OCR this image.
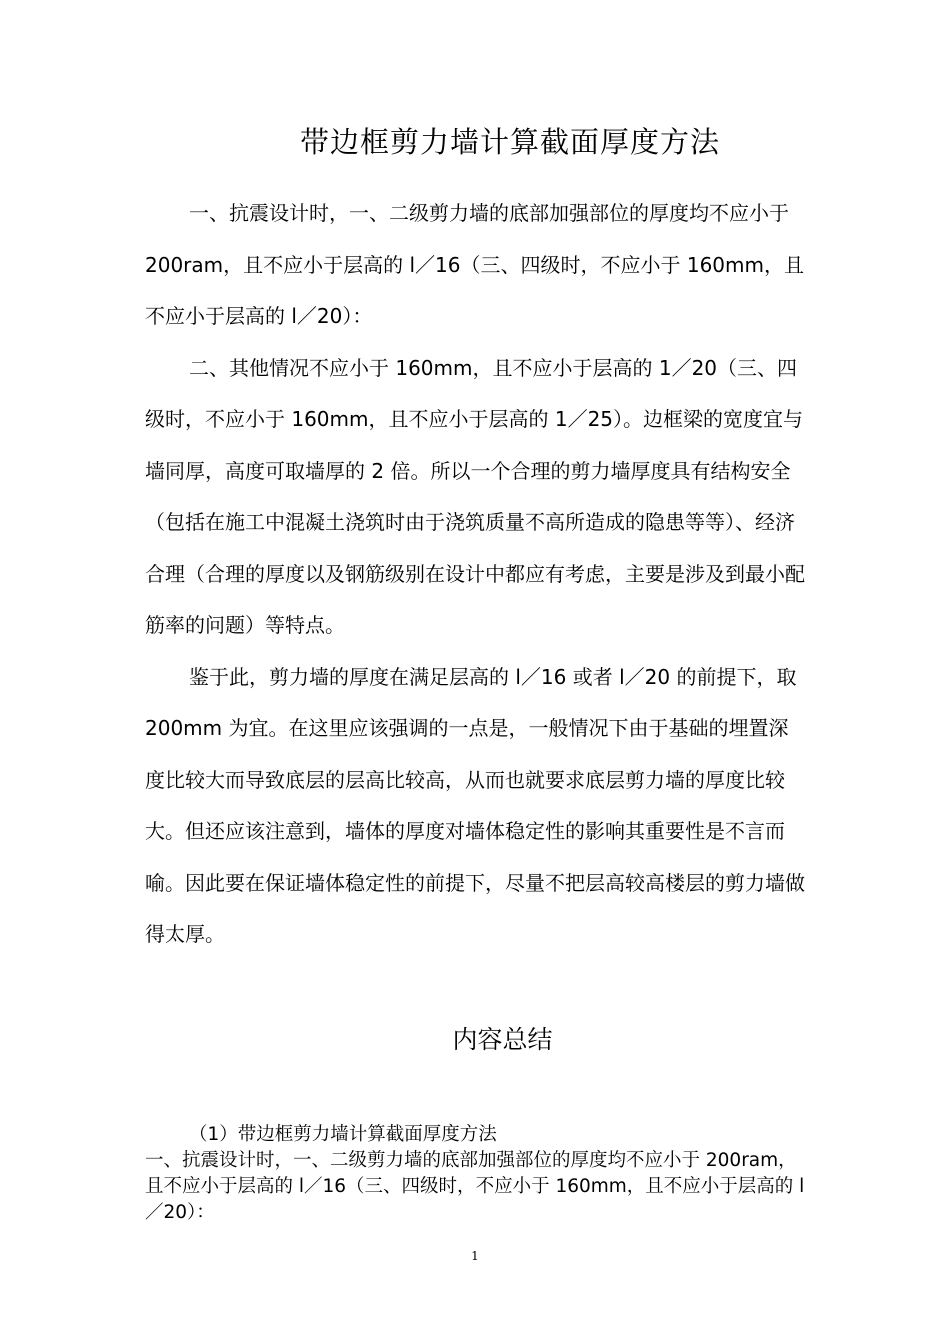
带边框剪力墙计算截面厚度方法

一、抗震设计时，一、二级剪力墙的底部加强部位的厚度均不应小于 200ram，且不应小于层高的 l／16（三、四级时，不应小于 160mm，且不应小于层高的 l／20）：

二、其他情况不应小于 160mm，且不应小于层高的 1／20（三、四级时，不应小于 160mm，且不应小于层高的 1／25）。边框梁的宽度宜与墙同厚，高度可取墙厚的 2 倍。所以一个合理的剪力墙厚度具有结构安全（包括在施工中混凝土浇筑时由于浇筑质量不高所造成的隐患等等）、经济合理（合理的厚度以及钢筋级别在设计中都应有考虑，主要是涉及到最小配筋率的问题）等特点。

鉴于此，剪力墙的厚度在满足层高的 l／16 或者 l／20 的前提下，取 200mm 为宜。在这里应该强调的一点是，一般情况下由于基础的埋置深度比较大而导致底层的层高比较高，从而也就要求底层剪力墙的厚度比较大。但还应该注意到，墙体的厚度对墙体稳定性的影响其重要性是不言而喻。因此要在保证墙体稳定性的前提下，尽量不把层高较高楼层的剪力墙做得太厚。

内容总结

（1）带边框剪力墙计算截面厚度方法

一、抗震设计时，一、二级剪力墙的底部加强部位的厚度均不应小于 200ram，且不应小于层高的 l／16（三、四级时，不应小于 160mm，且不应小于层高的 l／20）：

1
